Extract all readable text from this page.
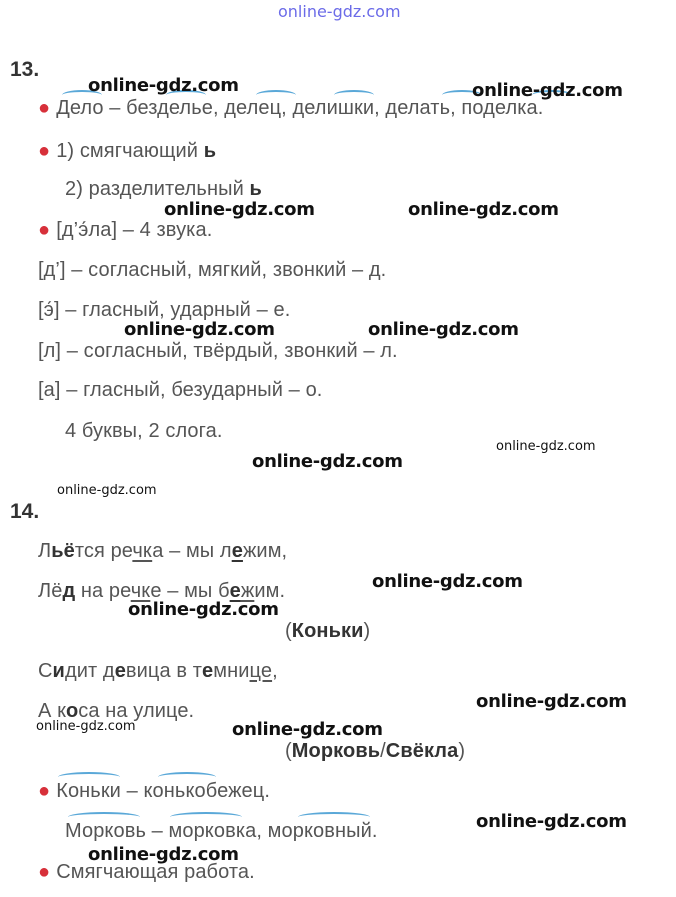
online-gdz.com
13.
● Дело – безделье, делец, делишки, делать, поделка.
● 1) смягчающий ь
2) разделительный ь
● [д’э́ла] – 4 звука.
[д’] – согласный, мягкий, звонкий – д.
[э́] – гласный, ударный – е.
[л] – согласный, твёрдый, звонкий – л.
[а] – гласный, безударный – о.
4 буквы, 2 слога.
14.
Льётся речка – мы лежим,
Лёд на речке – мы бежим.
(Коньки)
Сидит девица в темнице,
А коса на улице.
(Морковь/Свёкла)
● Коньки – конькобежец.
Морковь – морковка, морковный.
● Смягчающая работа.
online-gdz.com	online-gdz.com
online-gdz.com	online-gdz.com
online-gdz.com	online-gdz.com
online-gdz.com
online-gdz.com
online-gdz.com
online-gdz.com
online-gdz.com
online-gdz.com
online-gdz.com	online-gdz.com
online-gdz.com
online-gdz.com
